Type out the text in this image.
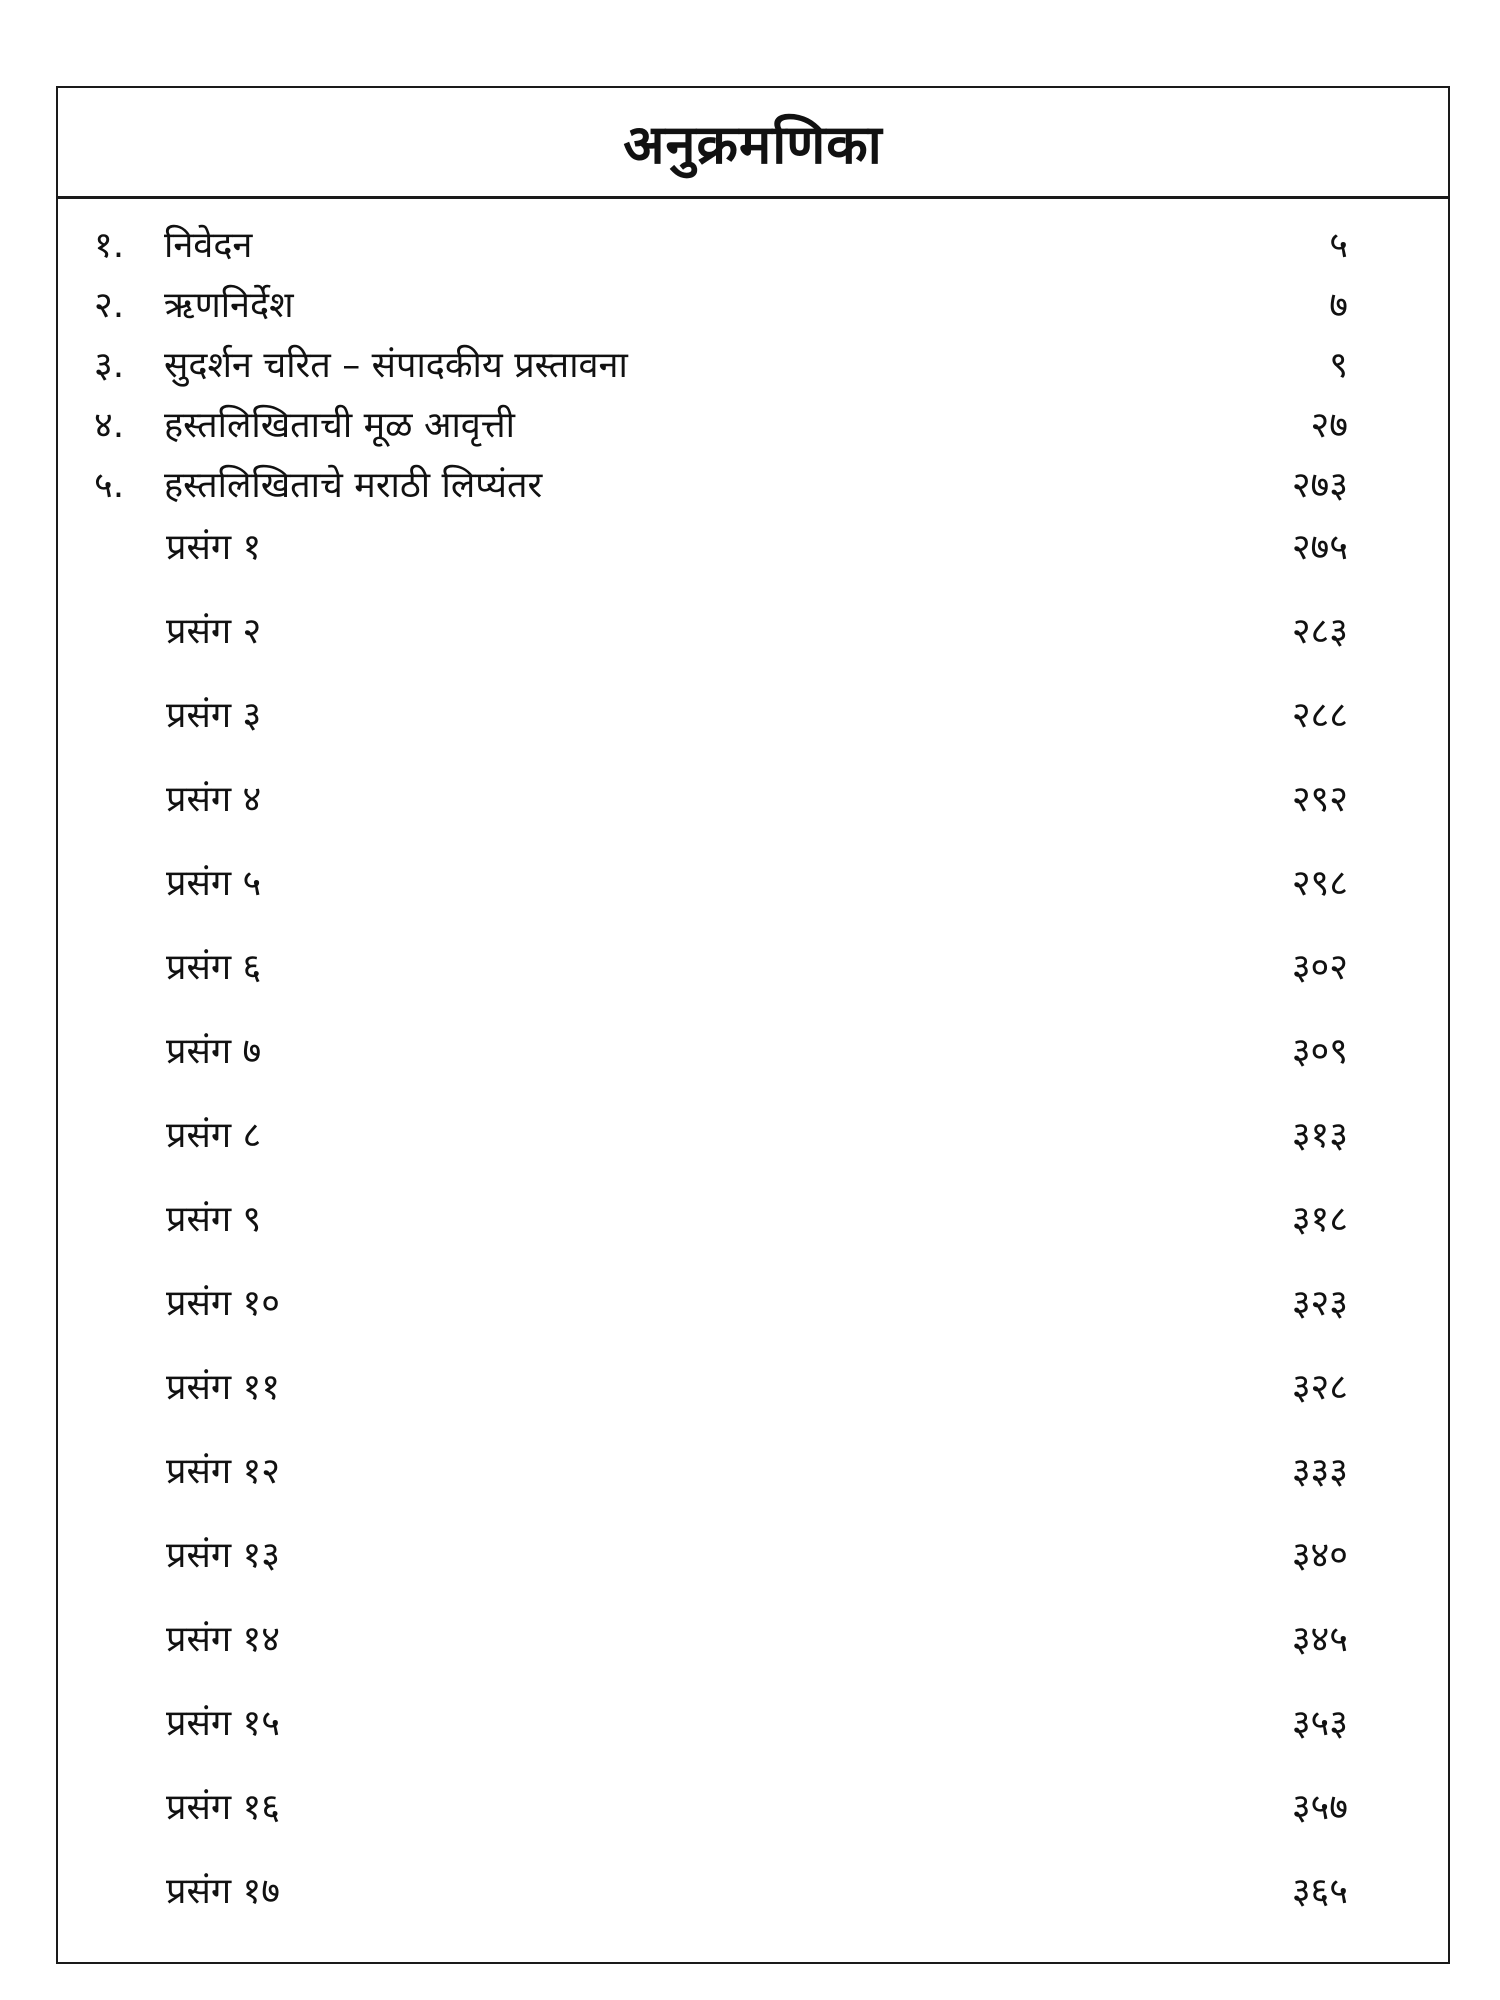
अनुक्रमणिका
१.	निवेदन	५
२.	ऋणनिर्देश	७
३.	सुदर्शन चरित – संपादकीय प्रस्तावना	९
४.	हस्तलिखिताची मूळ आवृत्ती	२७
५.	हस्तलिखिताचे मराठी लिप्यंतर	२७३
प्रसंग १	२७५
प्रसंग २	२८३
प्रसंग ३	२८८
प्रसंग ४	२९२
प्रसंग ५	२९८
प्रसंग ६	३०२
प्रसंग ७	३०९
प्रसंग ८	३१३
प्रसंग ९	३१८
प्रसंग १०	३२३
प्रसंग ११	३२८
प्रसंग १२	३३३
प्रसंग १३	३४०
प्रसंग १४	३४५
प्रसंग १५	३५३
प्रसंग १६	३५७
प्रसंग १७	३६५
